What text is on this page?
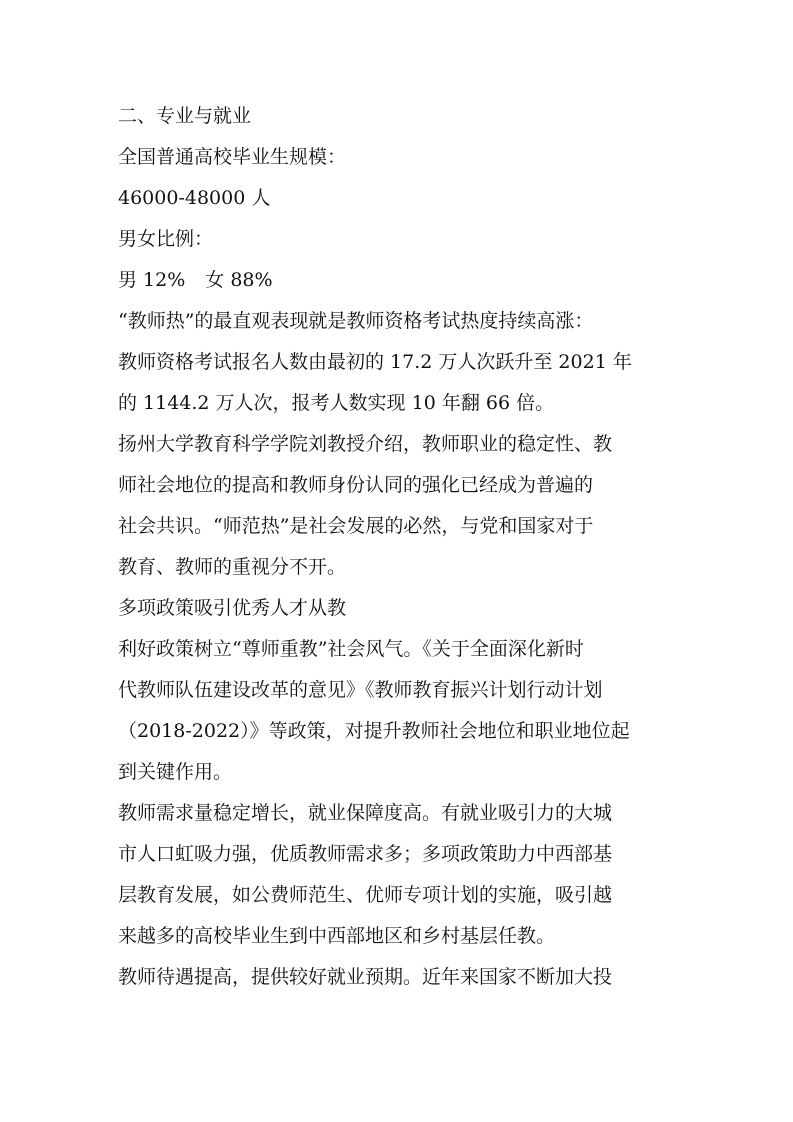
二、专业与就业
全国普通高校毕业生规模：
46000-48000 人
男女比例：
男 12% 女 88%
“教师热”的最直观表现就是教师资格考试热度持续高涨：
教师资格考试报名人数由最初的 17.2 万人次跃升至 2021 年
的 1144.2 万人次，报考人数实现 10 年翻 66 倍。
扬州大学教育科学学院刘教授介绍，教师职业的稳定性、教
师社会地位的提高和教师身份认同的强化已经成为普遍的
社会共识。“师范热”是社会发展的必然，与党和国家对于
教育、教师的重视分不开。
多项政策吸引优秀人才从教
利好政策树立“尊师重教”社会风气。《关于全面深化新时
代教师队伍建设改革的意见》《教师教育振兴计划行动计划
（2018-2022）》等政策，对提升教师社会地位和职业地位起
到关键作用。
教师需求量稳定增长，就业保障度高。有就业吸引力的大城
市人口虹吸力强，优质教师需求多；多项政策助力中西部基
层教育发展，如公费师范生、优师专项计划的实施，吸引越
来越多的高校毕业生到中西部地区和乡村基层任教。
教师待遇提高，提供较好就业预期。近年来国家不断加大投
